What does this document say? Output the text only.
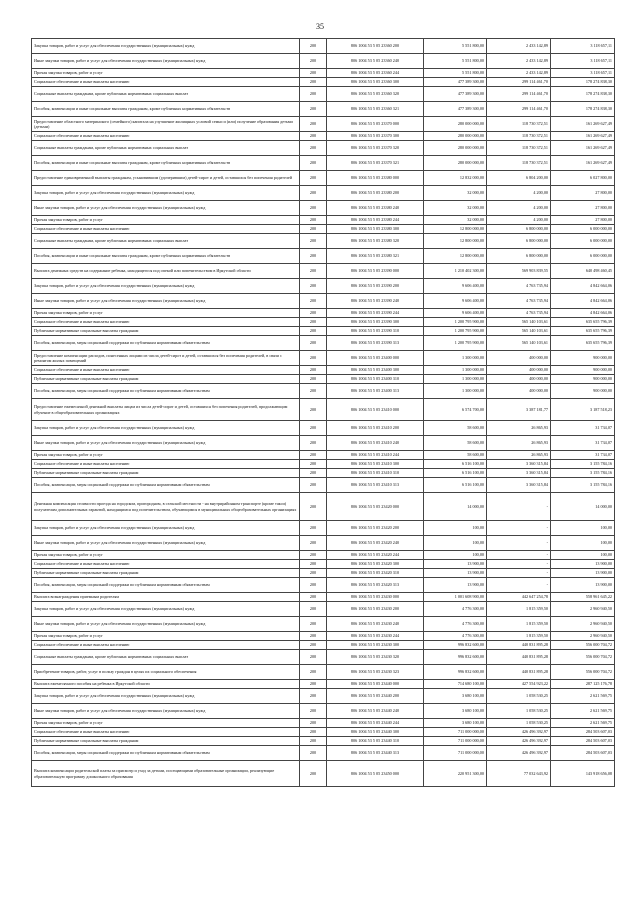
35
Закупка товаров, работ и услуг для обеспечения государственных (муниципальных) нужд	200	806 1004 53 5 05 23360 200	5 551 800,00	2 433 142,89	3 118 657,11
Иные закупки товаров, работ и услуг для обеспечения государственных (муниципальных) нужд	200	806 1004 53 5 05 23360 240	5 551 800,00	2 433 142,89	3 118 657,11
Прочая закупка товаров, работ и услуг	200	806 1004 53 5 05 23360 244	5 551 800,00	2 433 142,89	3 118 657,11
Социальное обеспечение и иные выплаты населению	200	806 1004 53 5 05 23360 300	477 389 300,00	299 114 461,70	178 274 838,30
Социальные выплаты гражданам, кроме публичных нормативных социальных выплат	200	806 1004 53 5 05 23360 320	477 389 300,00	299 114 461,70	178 274 838,30
Пособия, компенсации и иные социальные выплаты гражданам, кроме публичных нормативных обязательств	200	806 1004 53 5 05 23360 321	477 389 300,00	299 114 461,70	178 274 838,30
Предоставление областного материнского (семейного) капитала на улучшение жилищных условий семьи и (или) получение образования детьми (детьми)	200	806 1004 53 5 05 23370 000	280 000 000,00	118 730 372,51	161 269 627,49
Социальное обеспечение и иные выплаты населению	200	806 1004 53 5 05 23370 300	280 000 000,00	118 730 372,51	161 269 627,49
Социальные выплаты гражданам, кроме публичных нормативных социальных выплат	200	806 1004 53 5 05 23370 320	280 000 000,00	118 730 372,51	161 269 627,49
Пособия, компенсации и иные социальные выплаты гражданам, кроме публичных нормативных обязательств	200	806 1004 53 5 05 23370 321	280 000 000,00	118 730 372,51	161 269 627,49
Предоставление единовременной выплаты гражданам, усыновившим (удочерившим) детей-сирот и детей, оставшихся без попечения родителей	200	806 1004 53 5 05 23380 000	12 832 000,00	6 804 200,00	6 027 800,00
Закупка товаров, работ и услуг для обеспечения государственных (муниципальных) нужд	200	806 1004 53 5 05 23380 200	32 000,00	4 200,00	27 800,00
Иные закупки товаров, работ и услуг для обеспечения государственных (муниципальных) нужд	200	806 1004 53 5 05 23380 240	32 000,00	4 200,00	27 800,00
Прочая закупка товаров, работ и услуг	200	806 1004 53 5 05 23380 244	32 000,00	4 200,00	27 800,00
Социальное обеспечение и иные выплаты населению	200	806 1004 53 5 05 23380 300	12 800 000,00	6 800 000,00	6 000 000,00
Социальные выплаты гражданам, кроме публичных нормативных социальных выплат	200	806 1004 53 5 05 23380 320	12 800 000,00	6 800 000,00	6 000 000,00
Пособия, компенсации и иные социальные выплаты гражданам, кроме публичных нормативных обязательств	200	806 1004 53 5 05 23380 321	12 800 000,00	6 800 000,00	6 000 000,00
Выплата денежных средств на содержание ребенка, находящегося под опекой или попечительством в Иркутской области	200	806 1004 53 5 05 23390 000	1 210 402 300,00	569 903 839,55	640 498 460,45
Закупка товаров, работ и услуг для обеспечения государственных (муниципальных) нужд	200	806 1004 53 5 05 23390 200	9 606 400,00	4 763 735,94	4 842 664,06
Иные закупки товаров, работ и услуг для обеспечения государственных (муниципальных) нужд	200	806 1004 53 5 05 23390 240	9 606 400,00	4 763 735,94	4 842 664,06
Прочая закупка товаров, работ и услуг	200	806 1004 53 5 05 23390 244	9 606 400,00	4 763 735,94	4 842 664,06
Социальное обеспечение и иные выплаты населению	200	806 1004 53 5 05 23390 300	1 200 795 900,00	565 140 103,61	635 655 796,39
Публичные нормативные социальные выплаты гражданам	200	806 1004 53 5 05 23390 310	1 200 795 900,00	565 140 103,61	635 655 796,39
Пособия, компенсации, меры социальной поддержки по публичным нормативным обязательствам	200	806 1004 53 5 05 23390 313	1 200 795 900,00	565 140 103,61	635 655 796,39
Предоставление компенсации расходов, понесенных лицами из числа детей-сирот и детей, оставшихся без попечения родителей, в связи с ремонтом жилых помещений	200	806 1004 53 5 05 23400 000	1 300 000,00	400 000,00	900 000,00
Социальное обеспечение и иные выплаты населению	200	806 1004 53 5 05 23400 300	1 300 000,00	400 000,00	900 000,00
Публичные нормативные социальные выплаты гражданам	200	806 1004 53 5 05 23400 310	1 300 000,00	400 000,00	900 000,00
Пособия, компенсации, меры социальной поддержки по публичным нормативным обязательствам	200	806 1004 53 5 05 23400 313	1 300 000,00	400 000,00	900 000,00
Предоставление ежемесячной денежной выплаты лицам из числа детей-сирот и детей, оставшихся без попечения родителей, продолжающим обучение в общеобразовательных организациях	200	806 1004 53 5 05 23410 000	6 574 700,00	3 387 181,77	3 187 518,23
Закупка товаров, работ и услуг для обеспечения государственных (муниципальных) нужд	200	806 1004 53 5 05 23410 200	58 600,00	26 865,93	31 734,07
Иные закупки товаров, работ и услуг для обеспечения государственных (муниципальных) нужд	200	806 1004 53 5 05 23410 240	58 600,00	26 865,93	31 734,07
Прочая закупка товаров, работ и услуг	200	806 1004 53 5 05 23410 244	58 600,00	26 865,93	31 734,07
Социальное обеспечение и иные выплаты населению	200	806 1004 53 5 05 23410 300	6 516 100,00	3 360 315,84	3 155 784,16
Публичные нормативные социальные выплаты гражданам	200	806 1004 53 5 05 23410 310	6 516 100,00	3 360 315,84	3 155 784,16
Пособия, компенсации, меры социальной поддержки по публичным нормативным обязательствам	200	806 1004 53 5 05 23410 313	6 516 100,00	3 360 315,84	3 155 784,16
Денежная компенсация стоимости проезда на городском, пригородном, в сельской местности - на внутрирайонном транспорте (кроме такси) получателям дополнительных гарантий, находящимся под попечительством, обучающимся в муниципальных общеобразовательных организациях	200	806 1004 53 5 05 23420 000	14 000,00	-	14 000,00
Закупка товаров, работ и услуг для обеспечения государственных (муниципальных) нужд	200	806 1004 53 5 05 23420 200	100,00	-	100,00
Иные закупки товаров, работ и услуг для обеспечения государственных (муниципальных) нужд	200	806 1004 53 5 05 23420 240	100,00	-	100,00
Прочая закупка товаров, работ и услуг	200	806 1004 53 5 05 23420 244	100,00	-	100,00
Социальное обеспечение и иные выплаты населению	200	806 1004 53 5 05 23420 300	13 900,00	-	13 900,00
Публичные нормативные социальные выплаты гражданам	200	806 1004 53 5 05 23420 310	13 900,00	-	13 900,00
Пособия, компенсации, меры социальной поддержки по публичным нормативным обязательствам	200	806 1004 53 5 05 23420 313	13 900,00	-	13 900,00
Выплата вознаграждения приемным родителям	200	806 1004 53 5 05 23430 000	1 001 608 900,00	442 647 254,78	558 961 645,22
Закупка товаров, работ и услуг для обеспечения государственных (муниципальных) нужд	200	806 1004 53 5 05 23430 200	4 776 300,00	1 815 359,50	2 960 940,50
Иные закупки товаров, работ и услуг для обеспечения государственных (муниципальных) нужд	200	806 1004 53 5 05 23430 240	4 776 300,00	1 815 359,50	2 960 940,50
Прочая закупка товаров, работ и услуг	200	806 1004 53 5 05 23430 244	4 776 300,00	1 815 359,50	2 960 940,50
Социальное обеспечение и иные выплаты населению	200	806 1004 53 5 05 23430 300	996 832 600,00	440 831 895,28	556 000 704,72
Социальные выплаты гражданам, кроме публичных нормативных социальных выплат	200	806 1004 53 5 05 23430 320	996 832 600,00	440 831 895,28	556 000 704,72
Приобретение товаров, работ, услуг в пользу граждан в целях их социального обеспечения	200	806 1004 53 5 05 23430 323	996 832 600,00	440 831 895,28	556 000 704,72
Выплата ежемесячного пособия на ребенка в Иркутской области	200	806 1004 53 5 05 23440 000	714 680 100,00	427 554 923,22	287 125 176,78
Закупка товаров, работ и услуг для обеспечения государственных (муниципальных) нужд	200	806 1004 53 5 05 23440 200	3 680 100,00	1 058 530,25	2 621 569,75
Иные закупки товаров, работ и услуг для обеспечения государственных (муниципальных) нужд	200	806 1004 53 5 05 23440 240	3 680 100,00	1 058 530,25	2 621 569,75
Прочая закупка товаров, работ и услуг	200	806 1004 53 5 05 23440 244	3 680 100,00	1 058 530,25	2 621 569,75
Социальное обеспечение и иные выплаты населению	200	806 1004 53 5 05 23440 300	711 000 000,00	426 496 392,97	284 503 607,03
Публичные нормативные социальные выплаты гражданам	200	806 1004 53 5 05 23440 310	711 000 000,00	426 496 392,97	284 503 607,03
Пособия, компенсации, меры социальной поддержки по публичным нормативным обязательствам	200	806 1004 53 5 05 23440 313	711 000 000,00	426 496 392,97	284 503 607,03
Выплата компенсации родительской платы за присмотр и уход за детьми, посещающими образовательные организации, реализующие образовательную программу дошкольного образования	200	806 1004 53 5 05 23450 000	220 951 300,00	77 032 643,92	143 918 656,08
